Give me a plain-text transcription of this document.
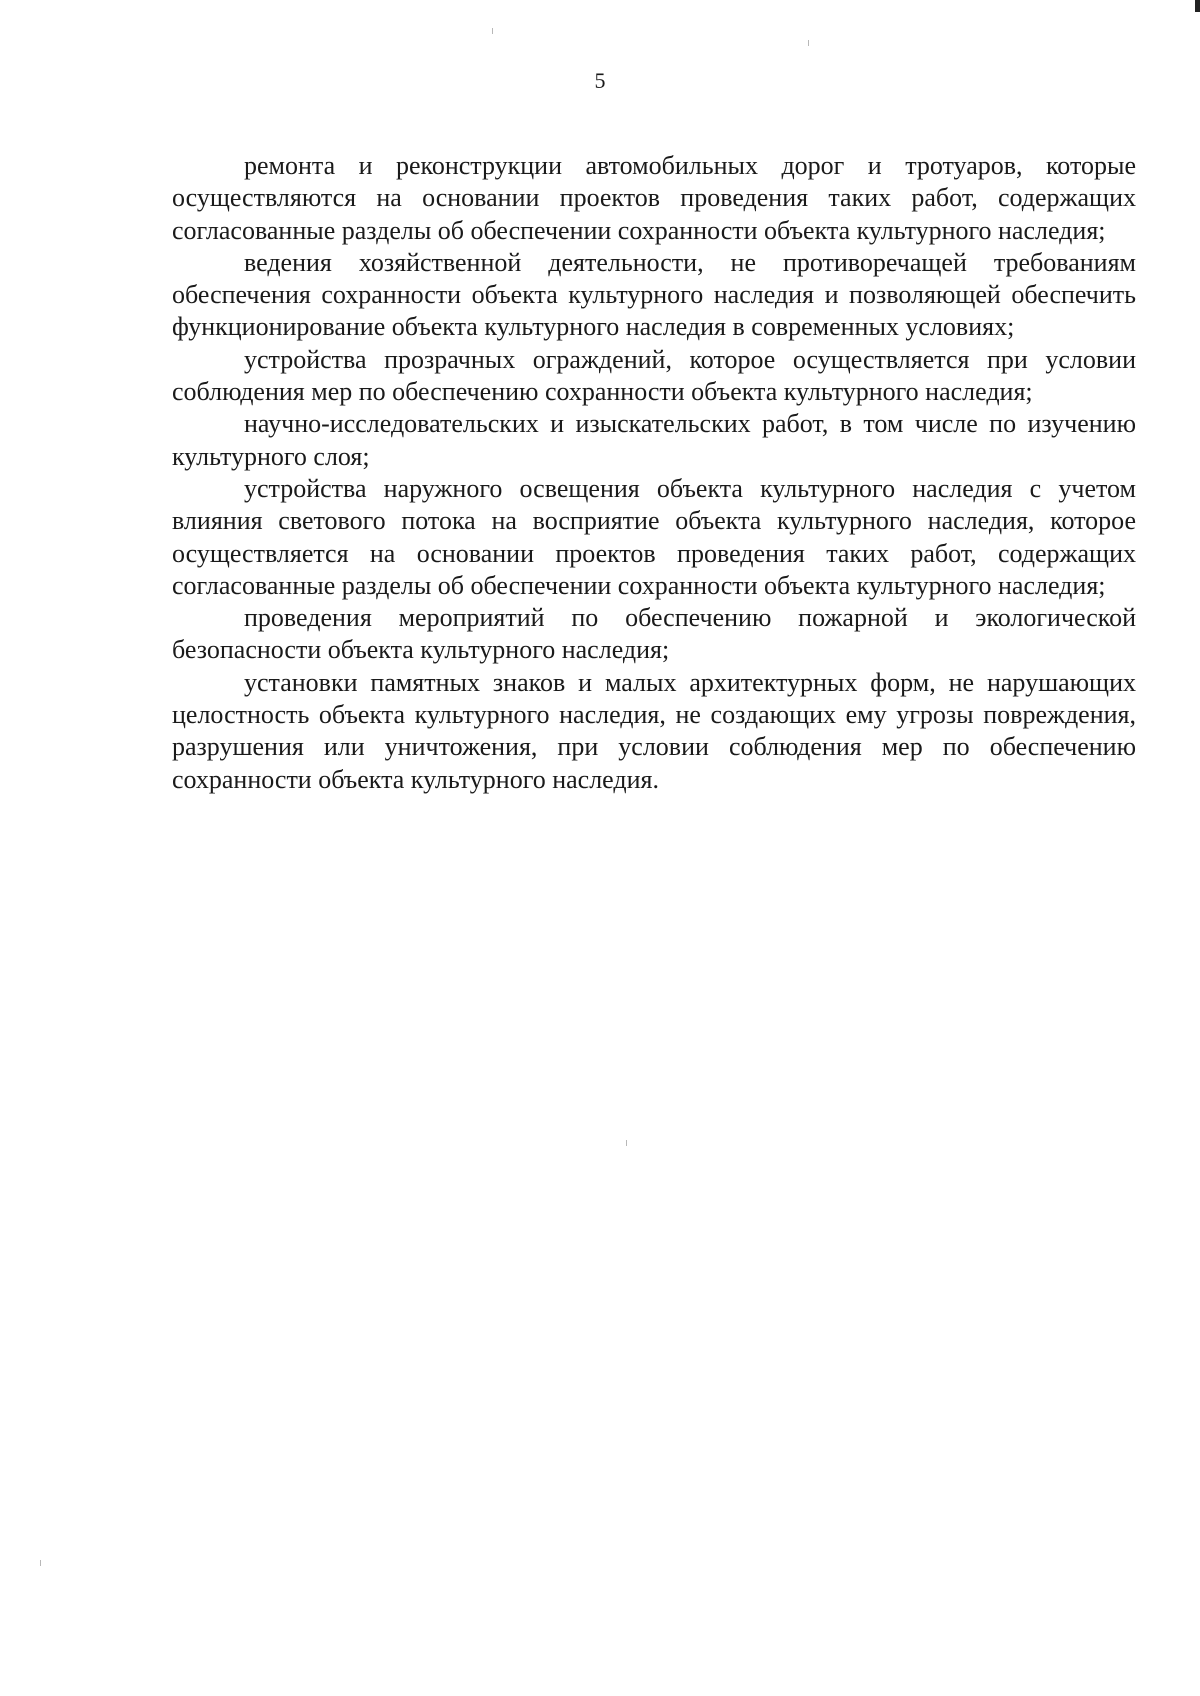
5

ремонта и реконструкции автомобильных дорог и тротуаров, которые осуществляются на основании проектов проведения таких работ, содержащих согласованные разделы об обеспечении сохранности объекта культурного наследия;

ведения хозяйственной деятельности, не противоречащей требованиям обеспечения сохранности объекта культурного наследия и позволяющей обеспечить функционирование объекта культурного наследия в современных условиях;

устройства прозрачных ограждений, которое осуществляется при условии соблюдения мер по обеспечению сохранности объекта культурного наследия;

научно-исследовательских и изыскательских работ, в том числе по изучению культурного слоя;

устройства наружного освещения объекта культурного наследия с учетом влияния светового потока на восприятие объекта культурного наследия, которое осуществляется на основании проектов проведения таких работ, содержащих согласованные разделы об обеспечении сохранности объекта культурного наследия;

проведения мероприятий по обеспечению пожарной и экологической безопасности объекта культурного наследия;

установки памятных знаков и малых архитектурных форм, не нарушающих целостность объекта культурного наследия, не создающих ему угрозы повреждения, разрушения или уничтожения, при условии соблюдения мер по обеспечению сохранности объекта культурного наследия.
